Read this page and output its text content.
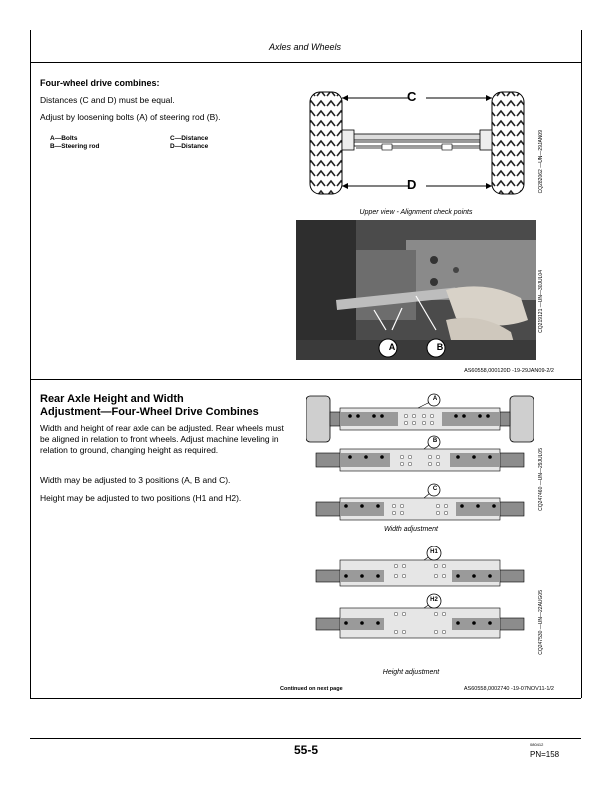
Axles and Wheels
Four-wheel drive combines:
Distances (C and D) must be equal.
Adjust by loosening bolts (A) of steering rod (B).
A—Bolts
B—Steering rod
C—Distance
D—Distance
C
D	CQ282062 —UN—29JAN09
Upper view - Alignment check points
A	B
CQ219121 —UN—30JUL04
AS60558,000120D -19-29JAN09-2/2
Rear Axle Height and Width
Adjustment—Four-Wheel Drive Combines
Width and height of rear axle can be adjusted. Rear wheels must be aligned in relation to front wheels. Adjust machine leveling in relation to ground, changing height as required.
Width may be adjusted to 3 positions (A, B and C).
Height may be adjusted to two positions (H1 and H2).
A
B
C
Width adjustment
CQ247460 —UN—29JUL05
H1
H2
Height adjustment
CQ247530 —UN—22AUG05
Continued on next page	AS60558,0002740 -19-07NOV11-1/2
55-5	080412
PN=158
